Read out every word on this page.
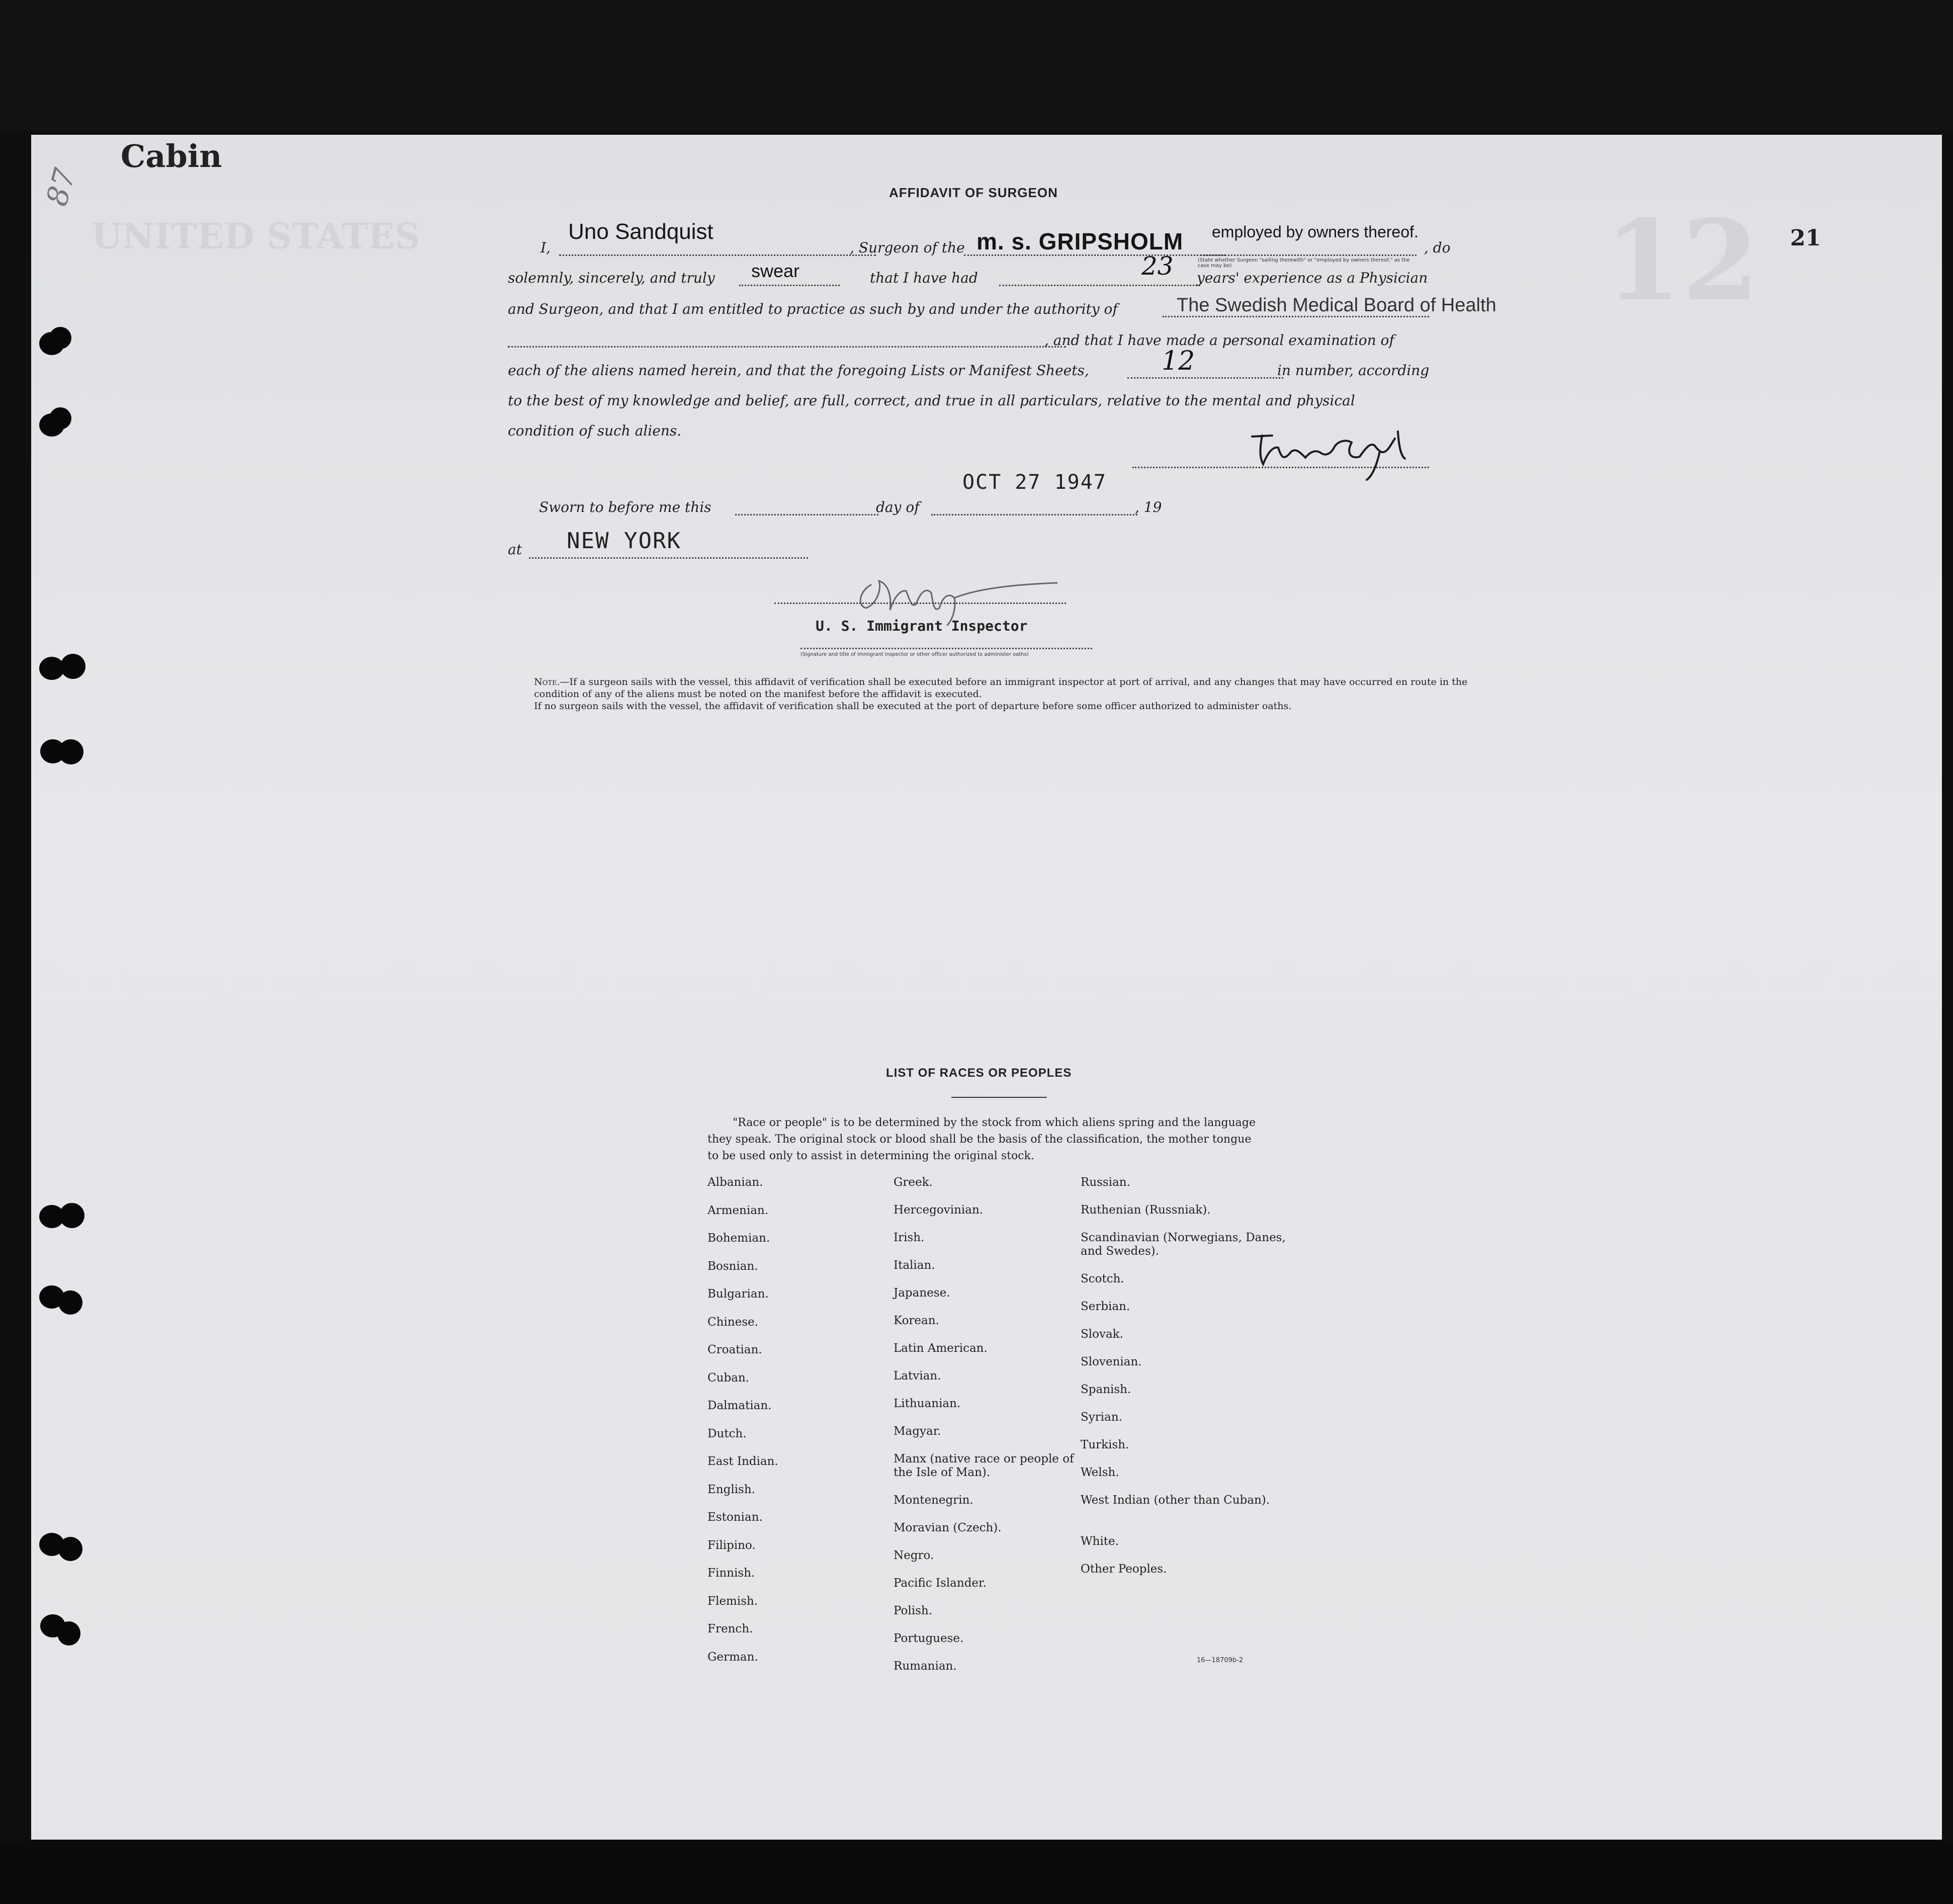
UNITED STATES	12
Cabin
87
21
AFFIDAVIT OF SURGEON
I,
Uno Sandquist
, Surgeon of the m. s. GRIPSHOLM employed by owners thereof.
, do
(State whether Surgeon "sailing therewith" or "employed by owners thereof," as the case may be)
solemnly, sincerely, and truly swear	that I have had	23 years' experience as a Physician
and Surgeon, and that I am entitled to practice as such by and under the authority of	The Swedish Medical Board of Health
, and that I have made a personal examination of
each of the aliens named herein, and that the foregoing Lists or Manifest Sheets,	12	in number, according
to the best of my knowledge and belief, are full, correct, and true in all particulars, relative to the mental and physical
condition of such aliens.
Sworn to before me this
OCT 27 1947
day of	, 19
at NEW YORK
U. S. Immigrant Inspector
(Signature and title of immigrant inspector or other officer authorized to administer oaths)
Note.—If a surgeon sails with the vessel, this affidavit of verification shall be executed before an immigrant inspector at port of arrival, and any changes that may have occurred en route in the condition of any of the aliens must be noted on the manifest before the affidavit is executed.
If no surgeon sails with the vessel, the affidavit of verification shall be executed at the port of departure before some officer authorized to administer oaths.
LIST OF RACES OR PEOPLES
"Race or people" is to be determined by the stock from which aliens spring and the language they speak. The original stock or blood shall be the basis of the classification, the mother tongue to be used only to assist in determining the original stock.
Albanian.
Armenian.
Bohemian.
Bosnian.
Bulgarian.
Chinese.
Croatian.
Cuban.
Dalmatian.
Dutch.
East Indian.
English.
Estonian.
Filipino.
Finnish.
Flemish.
French.
German.
Greek.
Hercegovinian.
Irish.
Italian.
Japanese.
Korean.
Latin American.
Latvian.
Lithuanian.
Magyar.
Manx (native race or people of the Isle of Man).
Montenegrin.
Moravian (Czech).
Negro.
Pacific Islander.
Polish.
Portuguese.
Rumanian.
Russian.
Ruthenian (Russniak).
Scandinavian (Norwegians, Danes, and Swedes).
Scotch.
Serbian.
Slovak.
Slovenian.
Spanish.
Syrian.
Turkish.
Welsh.
West Indian (other than Cuban).
White.
Other Peoples.
16—18709b-2
